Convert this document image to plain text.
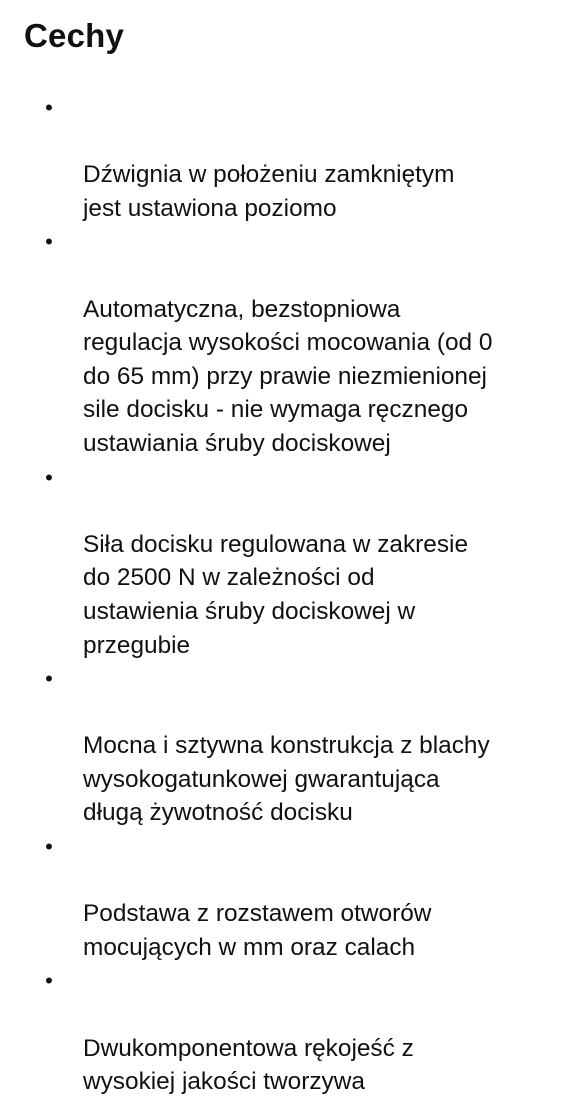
Cechy

•

Dźwignia w położeniu zamkniętym
jest ustawiona poziomo

•

Automatyczna, bezstopniowa
regulacja wysokości mocowania (od 0
do 65 mm) przy prawie niezmienionej
sile docisku - nie wymaga ręcznego
ustawiania śruby dociskowej

•

Siła docisku regulowana w zakresie
do 2500 N w zależności od
ustawienia śruby dociskowej w
przegubie

•

Mocna i sztywna konstrukcja z blachy
wysokogatunkowej gwarantująca
długą żywotność docisku

•

Podstawa z rozstawem otworów
mocujących w mm oraz calach

•

Dwukomponentowa rękojeść z
wysokiej jakości tworzywa
